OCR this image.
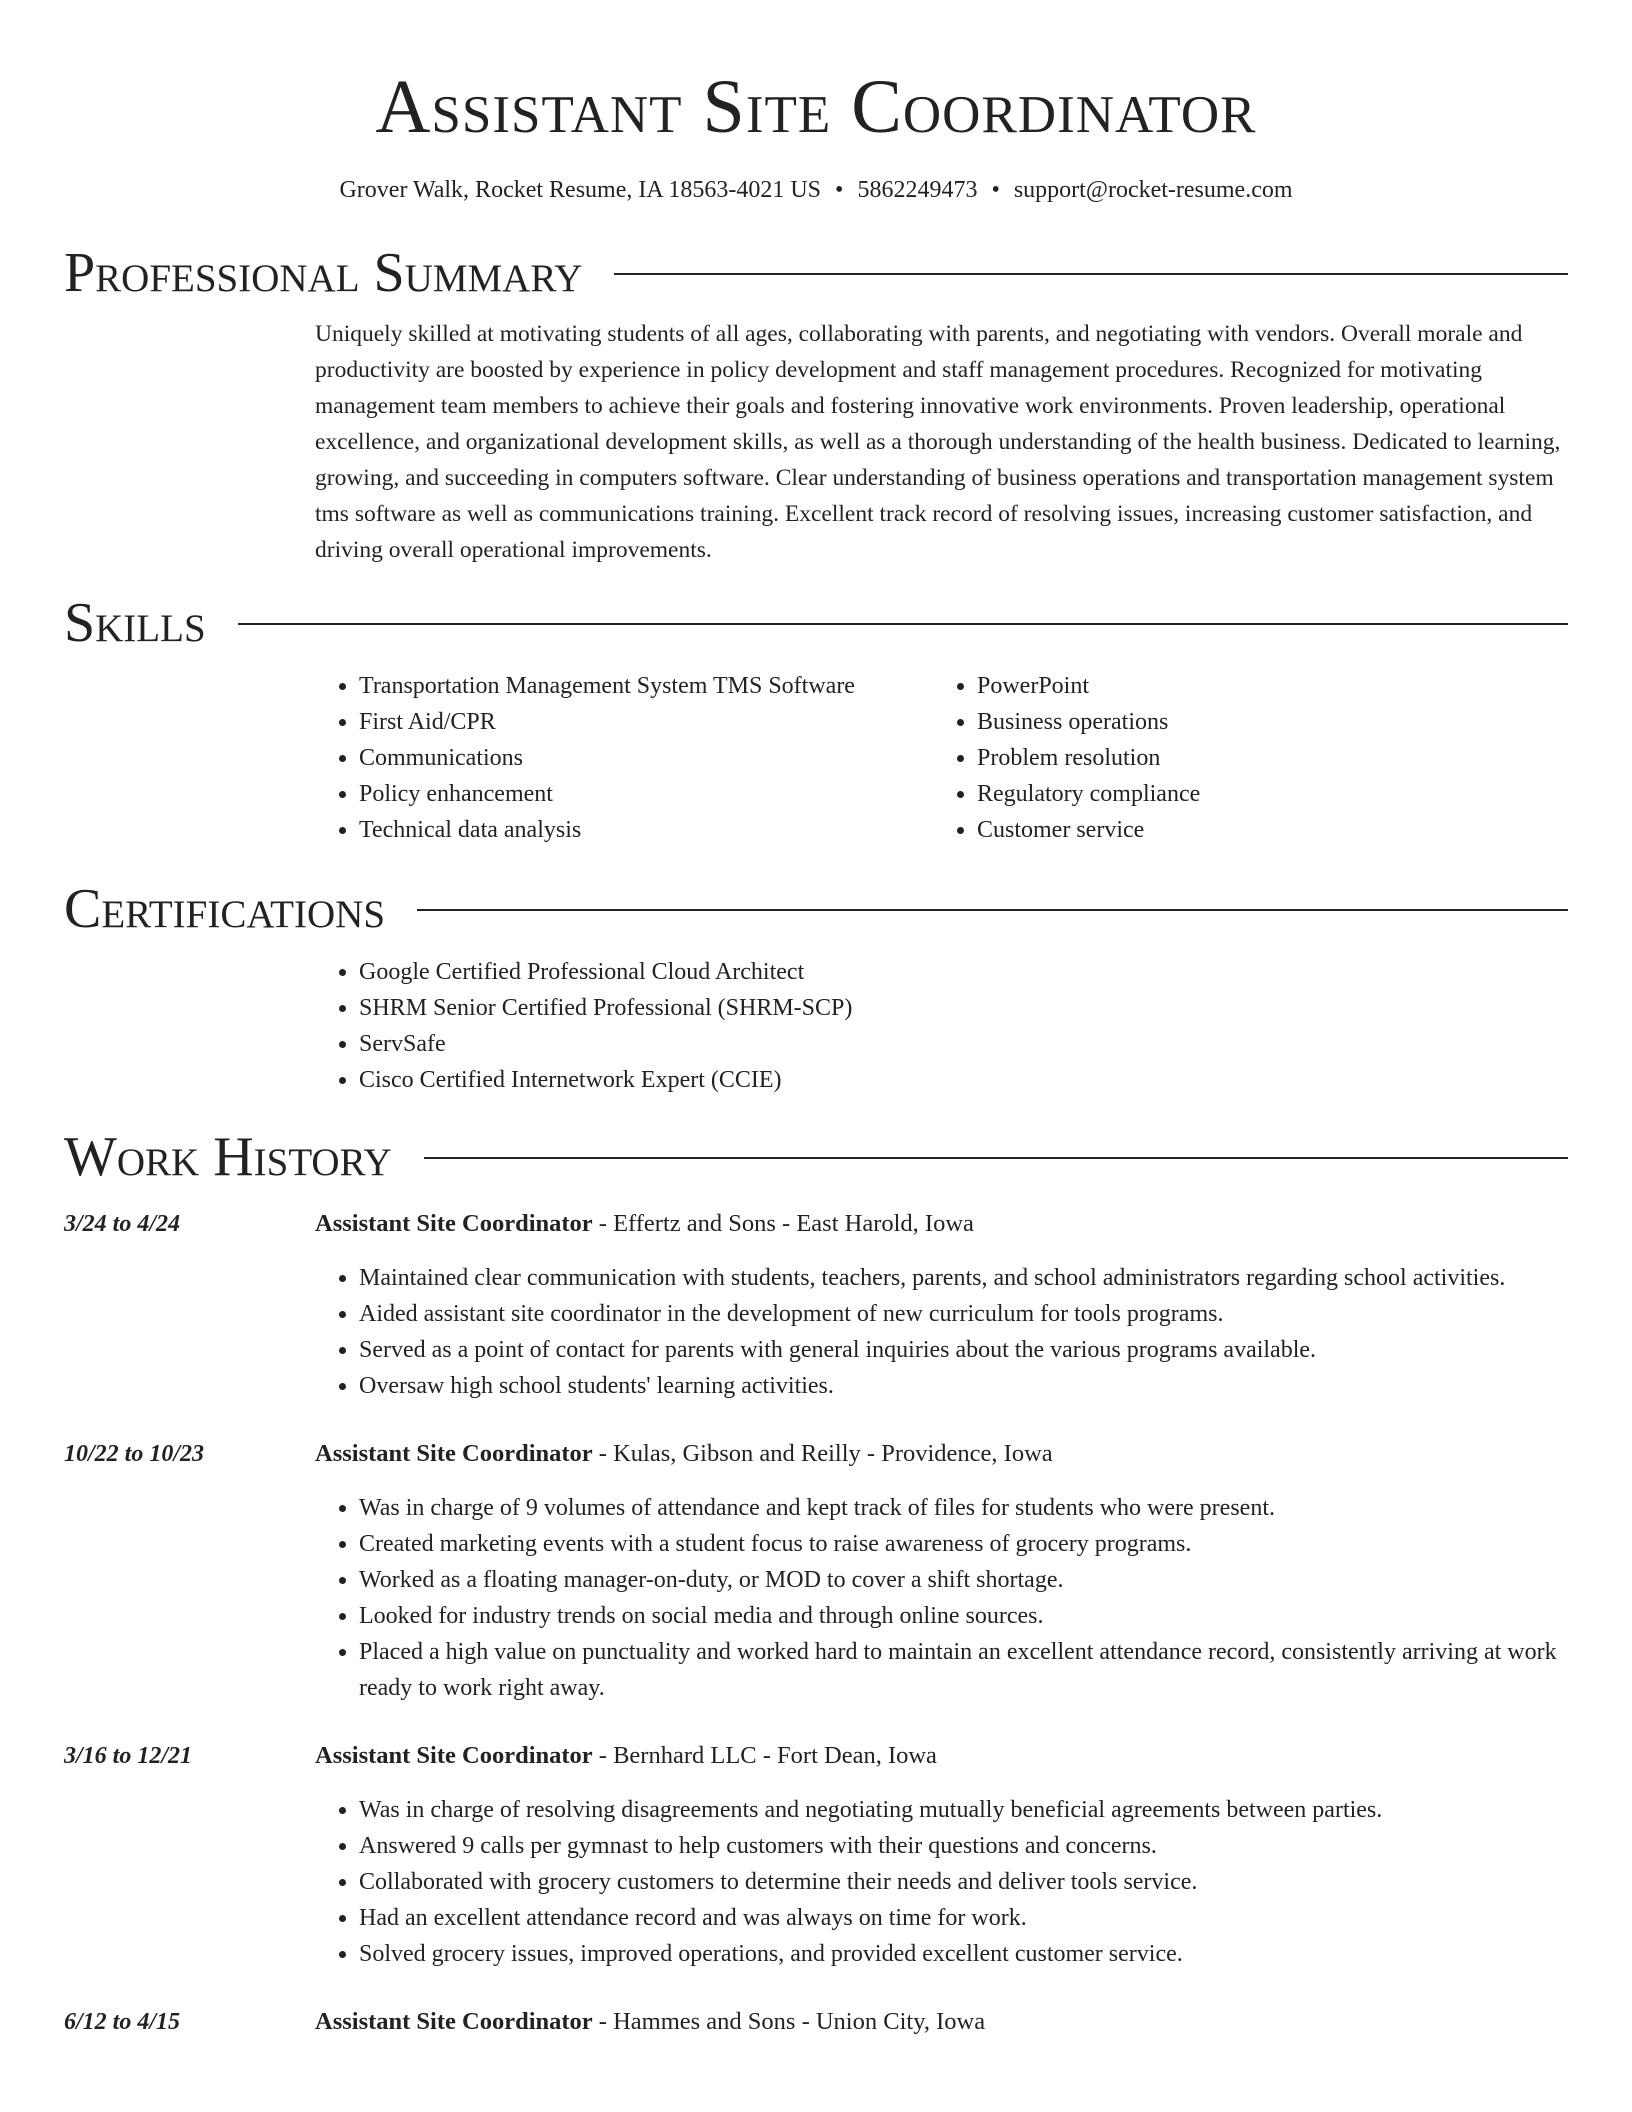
Assistant Site Coordinator
Grover Walk, Rocket Resume, IA 18563-4021 US • 5862249473 • support@rocket-resume.com
Professional Summary

Uniquely skilled at motivating students of all ages, collaborating with parents, and negotiating with vendors. Overall morale and productivity are boosted by experience in policy development and staff management procedures. Recognized for motivating management team members to achieve their goals and fostering innovative work environments. Proven leadership, operational excellence, and organizational development skills, as well as a thorough understanding of the health business. Dedicated to learning, growing, and succeeding in computers software. Clear understanding of business operations and transportation management system tms software as well as communications training. Excellent track record of resolving issues, increasing customer satisfaction, and driving overall operational improvements.

Skills
• Transportation Management System TMS Software
• First Aid/CPR
• Communications
• Policy enhancement
• Technical data analysis
• PowerPoint
• Business operations
• Problem resolution
• Regulatory compliance
• Customer service
Certifications
• Google Certified Professional Cloud Architect
• SHRM Senior Certified Professional (SHRM-SCP)
• ServSafe
• Cisco Certified Internetwork Expert (CCIE)
Work History
3/24 to 4/24	Assistant Site Coordinator - Effertz and Sons - East Harold, Iowa
• Maintained clear communication with students, teachers, parents, and school administrators regarding school activities.
• Aided assistant site coordinator in the development of new curriculum for tools programs.
• Served as a point of contact for parents with general inquiries about the various programs available.
• Oversaw high school students' learning activities.
10/22 to 10/23	Assistant Site Coordinator - Kulas, Gibson and Reilly - Providence, Iowa
• Was in charge of 9 volumes of attendance and kept track of files for students who were present.
• Created marketing events with a student focus to raise awareness of grocery programs.
• Worked as a floating manager-on-duty, or MOD to cover a shift shortage.
• Looked for industry trends on social media and through online sources.
• Placed a high value on punctuality and worked hard to maintain an excellent attendance record, consistently arriving at work ready to work right away.
3/16 to 12/21	Assistant Site Coordinator - Bernhard LLC - Fort Dean, Iowa
• Was in charge of resolving disagreements and negotiating mutually beneficial agreements between parties.
• Answered 9 calls per gymnast to help customers with their questions and concerns.
• Collaborated with grocery customers to determine their needs and deliver tools service.
• Had an excellent attendance record and was always on time for work.
• Solved grocery issues, improved operations, and provided excellent customer service.
6/12 to 4/15	Assistant Site Coordinator - Hammes and Sons - Union City, Iowa
